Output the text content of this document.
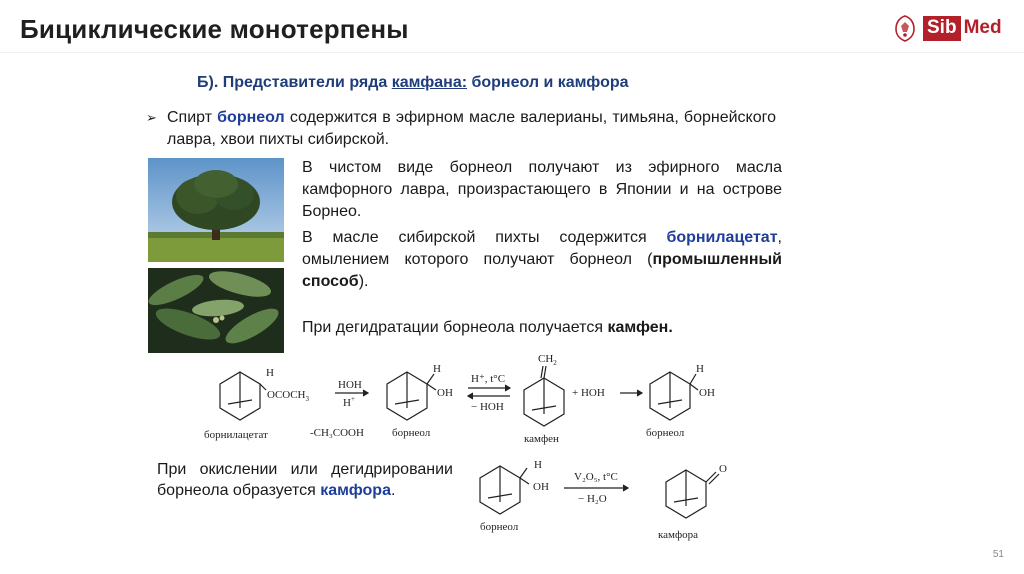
Бициклические монотерпены	Sib Med
Б). Представители ряда камфана: борнеол и камфора
➢ Спирт борнеол содержится в эфирном масле валерианы, тимьяна, борнейского лавра, хвои пихты сибирской.
В чистом виде борнеол получают из эфирного масла камфорного лавра, произрастающего в Японии и на острове Борнео.
В масле сибирской пихты содержится борнилацетат, омылением которого получают борнеол (промышленный способ).
При дегидратации борнеола получается камфен.
H
$OCOCH_3$
HOH
H+
H
OH
H⁺, t°C
− HOH
$CH_2$
+ HOH
H
OH
борнилацетат	-CH₃COOH	борнеол	камфен	борнеол
При окислении или дегидрировании борнеола образуется камфора.
H
OH
V₂O₅, t°C
− H₂O
O
борнеол
камфора
51
